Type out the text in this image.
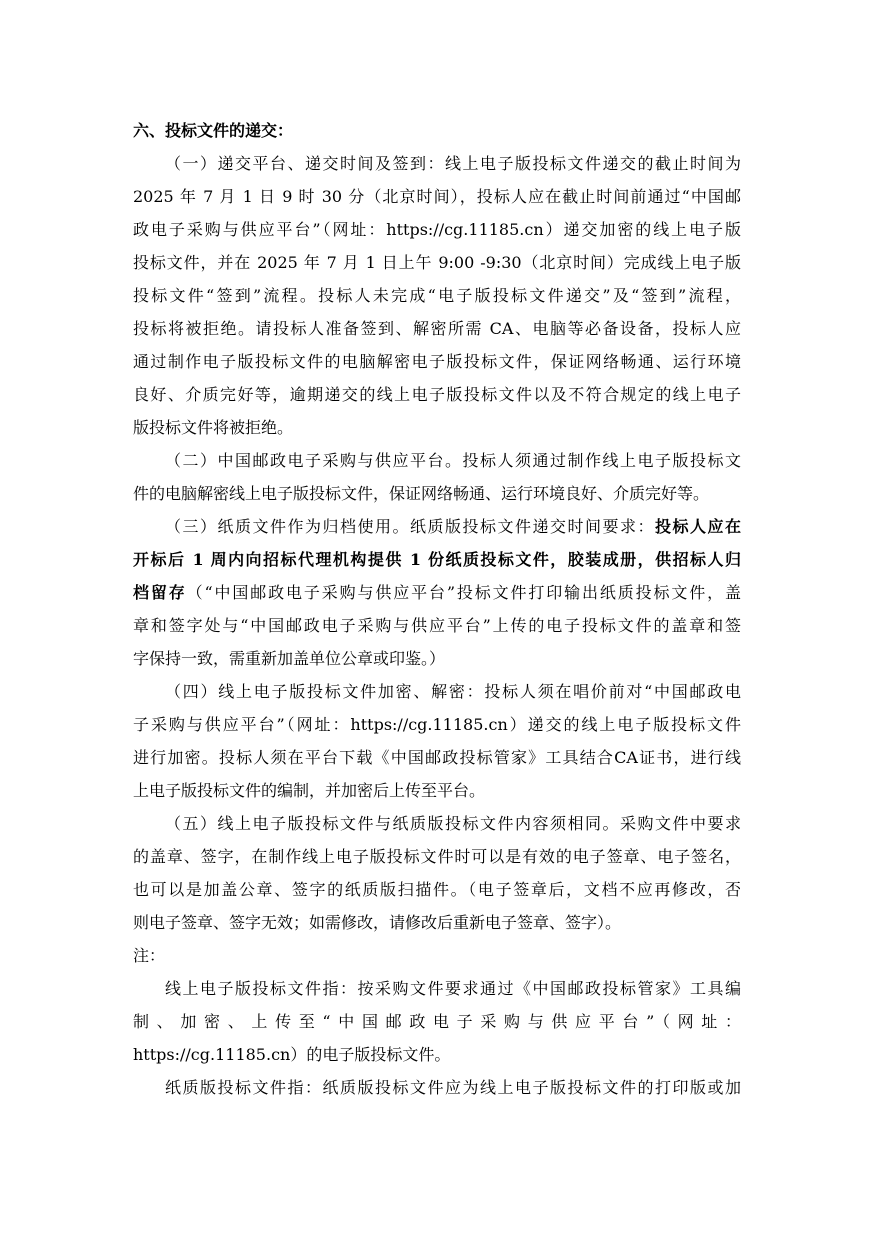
六、投标文件的递交：
（一）递交平台、递交时间及签到：线上电子版投标文件递交的截止时间为
2025 年 7 月 1 日 9 时 30 分（北京时间），投标人应在截止时间前通过“中国邮
政电子采购与供应平台”（网址：https://cg.11185.cn）递交加密的线上电子版
投标文件，并在 2025 年 7 月 1 日上午 9:00 -9:30（北京时间）完成线上电子版
投标文件“签到”流程。投标人未完成“电子版投标文件递交”及“签到”流程，
投标将被拒绝。请投标人准备签到、解密所需 CA、电脑等必备设备，投标人应
通过制作电子版投标文件的电脑解密电子版投标文件，保证网络畅通、运行环境
良好、介质完好等，逾期递交的线上电子版投标文件以及不符合规定的线上电子
版投标文件将被拒绝。
（二）中国邮政电子采购与供应平台。投标人须通过制作线上电子版投标文
件的电脑解密线上电子版投标文件，保证网络畅通、运行环境良好、介质完好等。
（三）纸质文件作为归档使用。纸质版投标文件递交时间要求：投标人应在
开标后 1 周内向招标代理机构提供 1 份纸质投标文件，胶装成册，供招标人归
档留存（“中国邮政电子采购与供应平台”投标文件打印输出纸质投标文件，盖
章和签字处与“中国邮政电子采购与供应平台”上传的电子投标文件的盖章和签
字保持一致，需重新加盖单位公章或印鉴。）
（四）线上电子版投标文件加密、解密：投标人须在唱价前对“中国邮政电
子采购与供应平台”（网址：https://cg.11185.cn）递交的线上电子版投标文件
进行加密。投标人须在平台下载《中国邮政投标管家》工具结合CA证书，进行线
上电子版投标文件的编制，并加密后上传至平台。
（五）线上电子版投标文件与纸质版投标文件内容须相同。采购文件中要求
的盖章、签字，在制作线上电子版投标文件时可以是有效的电子签章、电子签名，
也可以是加盖公章、签字的纸质版扫描件。（电子签章后，文档不应再修改，否
则电子签章、签字无效；如需修改，请修改后重新电子签章、签字）。
注：
线上电子版投标文件指：按采购文件要求通过《中国邮政投标管家》工具编
制、加密、上传至“中国邮政电子采购与供应平台”（网址：
https://cg.11185.cn）的电子版投标文件。
纸质版投标文件指：纸质版投标文件应为线上电子版投标文件的打印版或加
